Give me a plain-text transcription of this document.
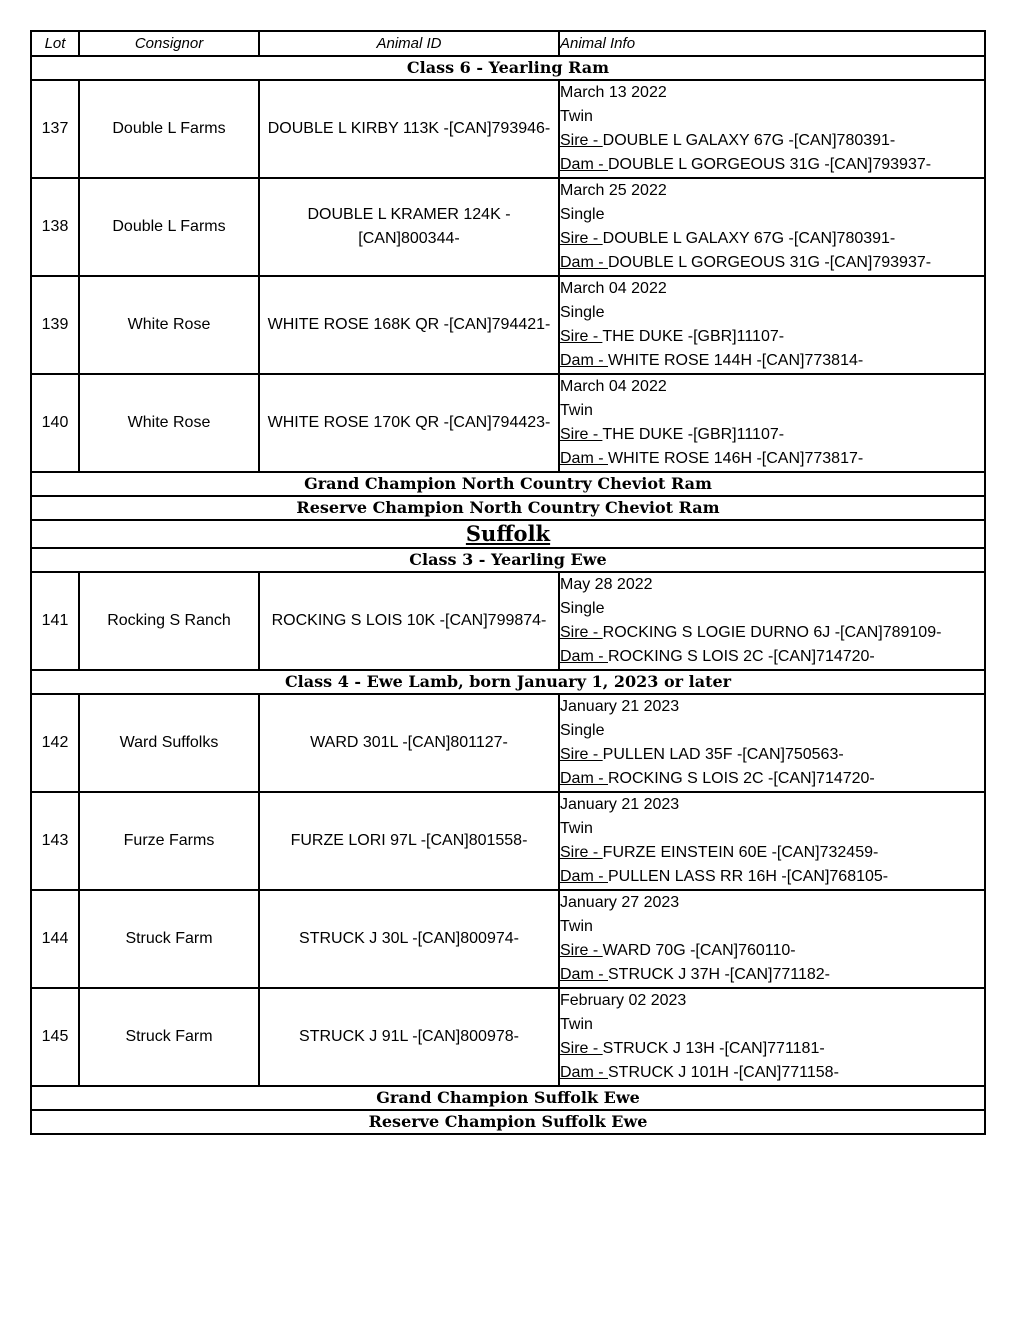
Lot	Consignor	Animal ID	Animal Info
Class 6 - Yearling Ram			
137	Double L Farms	DOUBLE L KIRBY 113K -[CAN]793946-	March 13 2022
Twin
Sire - DOUBLE L GALAXY 67G -[CAN]780391-
Dam - DOUBLE L GORGEOUS 31G -[CAN]793937-

138	Double L Farms	DOUBLE L KRAMER 124K -[CAN]800344-	March 25 2022
Single
Sire - DOUBLE L GALAXY 67G -[CAN]780391-
Dam - DOUBLE L GORGEOUS 31G -[CAN]793937-

139	White Rose	WHITE ROSE 168K QR -[CAN]794421-	March 04 2022
Single
Sire - THE DUKE -[GBR]11107-
Dam - WHITE ROSE 144H -[CAN]773814-

140	White Rose	WHITE ROSE 170K QR -[CAN]794423-	March 04 2022
Twin
Sire - THE DUKE -[GBR]11107-
Dam - WHITE ROSE 146H -[CAN]773817-

Grand Champion North Country Cheviot Ram			
Reserve Champion North Country Cheviot Ram			
Suffolk			
Class 3 - Yearling Ewe			
141	Rocking S Ranch	ROCKING S LOIS 10K -[CAN]799874-	May 28 2022
Single
Sire - ROCKING S LOGIE DURNO 6J -[CAN]789109-
Dam - ROCKING S LOIS 2C -[CAN]714720-

Class 4 - Ewe Lamb, born January 1, 2023 or later			
142	Ward Suffolks	WARD 301L -[CAN]801127-	January 21 2023
Single
Sire - PULLEN LAD 35F -[CAN]750563-
Dam - ROCKING S LOIS 2C -[CAN]714720-

143	Furze Farms	FURZE LORI 97L -[CAN]801558-	January 21 2023
Twin
Sire - FURZE EINSTEIN 60E -[CAN]732459-
Dam - PULLEN LASS RR 16H -[CAN]768105-

144	Struck Farm	STRUCK J 30L -[CAN]800974-	January 27 2023
Twin
Sire - WARD 70G -[CAN]760110-
Dam - STRUCK J 37H -[CAN]771182-

145	Struck Farm	STRUCK J 91L -[CAN]800978-	February 02 2023
Twin
Sire - STRUCK J 13H -[CAN]771181-
Dam - STRUCK J 101H -[CAN]771158-

Grand Champion Suffolk Ewe			
Reserve Champion Suffolk Ewe			
